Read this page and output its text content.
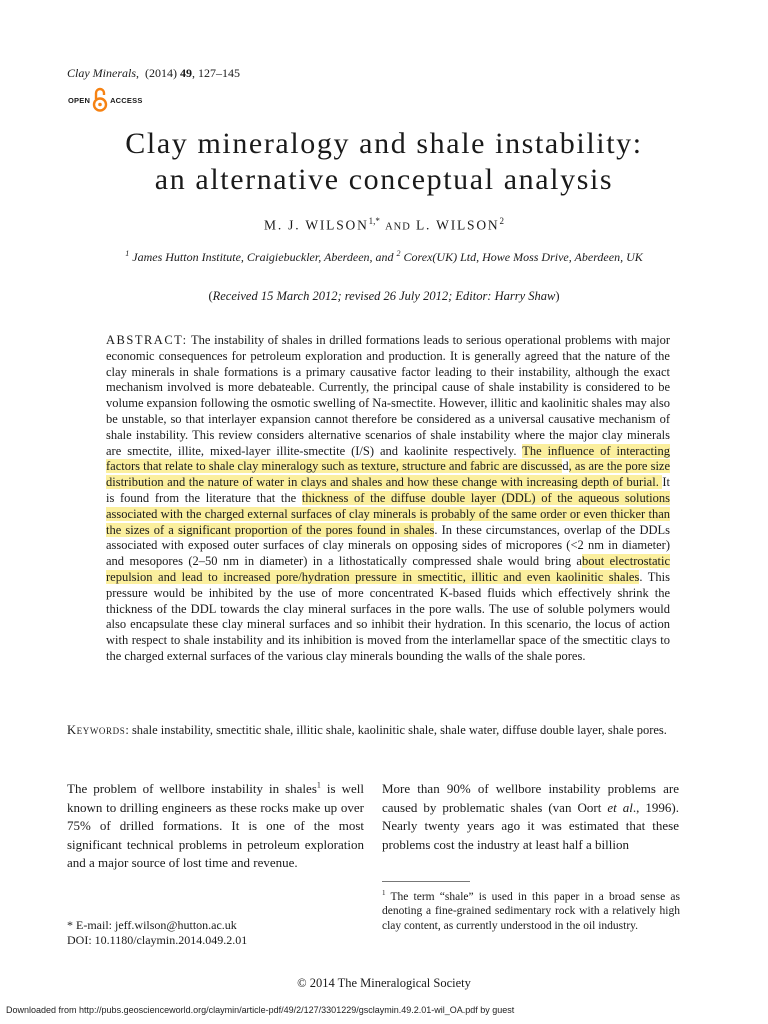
Clay Minerals,  (2014) 49, 127–145
OPEN	ACCESS
Clay mineralogy and shale instability:
an alternative conceptual analysis
M. J. $WILSON^{1,*}$ AND L. WILSON$^2$
$^1$ James Hutton Institute, Craigiebuckler, Aberdeen, and $^2$ Corex(UK) Ltd, Howe Moss Drive, Aberdeen, UK
(Received 15 March 2012; revised 26 July 2012; Editor: Harry Shaw)
ABSTRACT: The instability of shales in drilled formations leads to serious operational problems with major economic consequences for petroleum exploration and production. It is generally agreed that the nature of the clay minerals in shale formations is a primary causative factor leading to their instability, although the exact mechanism involved is more debateable. Currently, the principal cause of shale instability is considered to be volume expansion following the osmotic swelling of Na-smectite. However, illitic and kaolinitic shales may also be unstable, so that interlayer expansion cannot therefore be considered as a universal causative mechanism of shale instability. This review considers alternative scenarios of shale instability where the major clay minerals are smectite, illite, mixed-layer illite-smectite (I/S) and kaolinite respectively. The influence of interacting factors that relate to shale clay mineralogy such as texture, structure and fabric are discussed, as are the pore size distribution and the nature of water in clays and shales and how these change with increasing depth of burial. It is found from the literature that the thickness of the diffuse double layer (DDL) of the aqueous solutions associated with the charged external surfaces of clay minerals is probably of the same order or even thicker than the sizes of a significant proportion of the pores found in shales. In these circumstances, overlap of the DDLs associated with exposed outer surfaces of clay minerals on opposing sides of micropores (<2 nm in diameter) and mesopores (2–50 nm in diameter) in a lithostatically compressed shale would bring about electrostatic repulsion and lead to increased pore/hydration pressure in smectitic, illitic and even kaolinitic shales. This pressure would be inhibited by the use of more concentrated K-based fluids which effectively shrink the thickness of the DDL towards the clay mineral surfaces in the pore walls. The use of soluble polymers would also encapsulate these clay mineral surfaces and so inhibit their hydration. In this scenario, the locus of action with respect to shale instability and its inhibition is moved from the interlamellar space of the smectitic clays to the charged external surfaces of the various clay minerals bounding the walls of the shale pores.
Keywords: shale instability, smectitic shale, illitic shale, kaolinitic shale, shale water, diffuse double layer, shale pores.
The problem of wellbore instability in shales$^1$ is well known to drilling engineers as these rocks make up over 75% of drilled formations. It is one of the most significant technical problems in petroleum exploration and a major source of lost time and revenue.
More than 90% of wellbore instability problems are caused by problematic shales (van Oort et al., 1996). Nearly twenty years ago it was estimated that these problems cost the industry at least half a billion
$^1$ The term “shale” is used in this paper in a broad sense as denoting a fine-grained sedimentary rock with a relatively high clay content, as currently understood in the oil industry.
* E-mail: jeff.wilson@hutton.ac.uk
DOI: 10.1180/claymin.2014.049.2.01
© 2014 The Mineralogical Society
Downloaded from http://pubs.geoscienceworld.org/claymin/article-pdf/49/2/127/3301229/gsclaymin.49.2.01-wil_OA.pdf by guest
